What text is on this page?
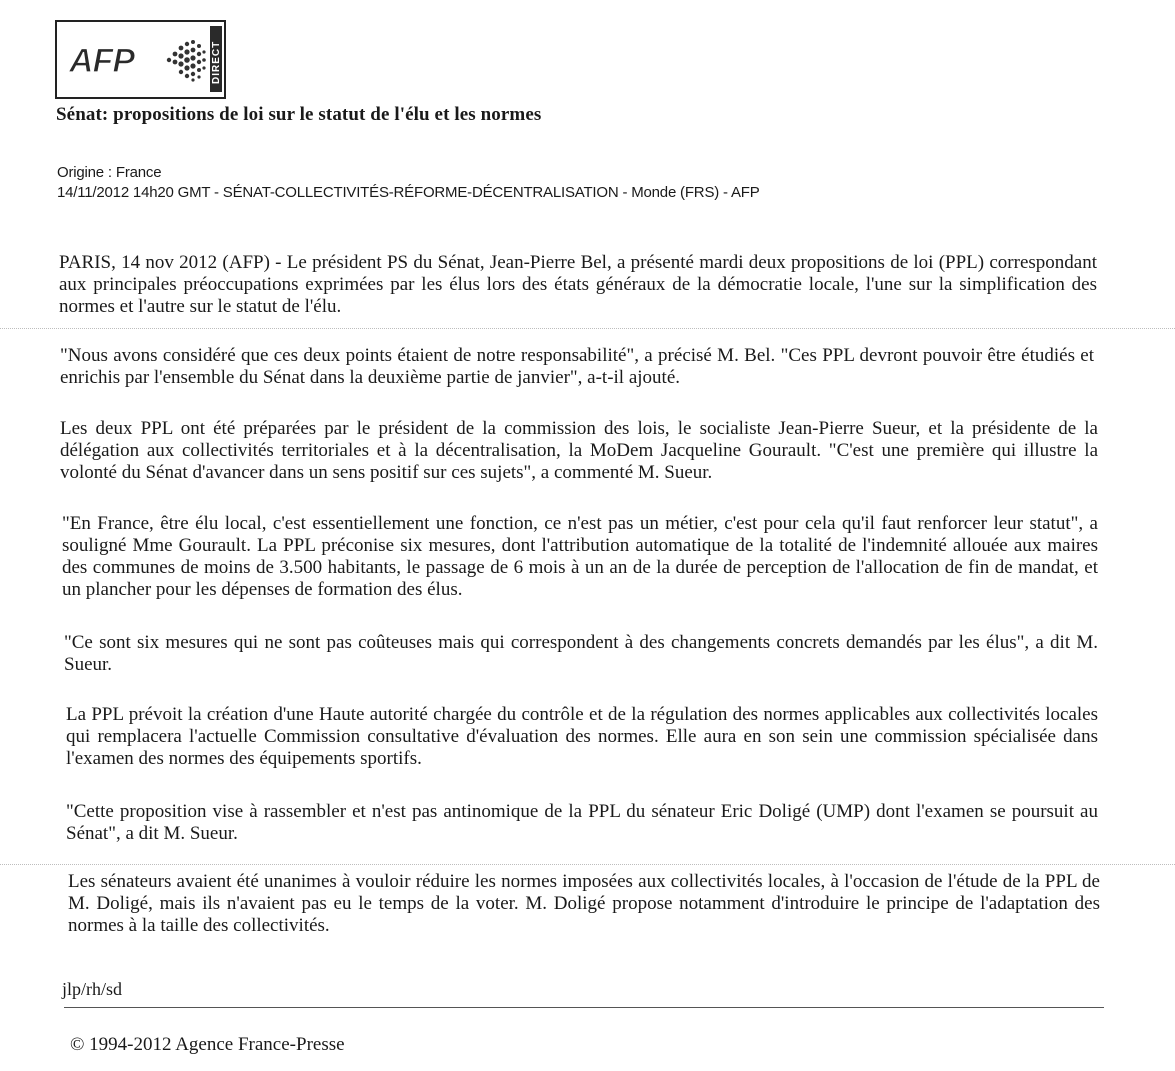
AFP	DIRECT
Sénat: propositions de loi sur le statut de l'élu et les normes
Origine : France
14/11/2012 14h20 GMT - SÉNAT-COLLECTIVITÉS-RÉFORME-DÉCENTRALISATION - Monde (FRS) - AFP

PARIS, 14 nov 2012 (AFP) - Le président PS du Sénat, Jean-Pierre Bel, a présenté mardi deux propositions de loi (PPL) correspondant aux principales préoccupations exprimées par les élus lors des états généraux de la démocratie locale, l'une sur la simplification des normes et l'autre sur le statut de l'élu.

"Nous avons considéré que ces deux points étaient de notre responsabilité", a précisé M. Bel. "Ces PPL devront pouvoir être étudiés et enrichis par l'ensemble du Sénat dans la deuxième partie de janvier", a-t-il ajouté.

Les deux PPL ont été préparées par le président de la commission des lois, le socialiste Jean-Pierre Sueur, et la présidente de la délégation aux collectivités territoriales et à la décentralisation, la MoDem Jacqueline Gourault. "C'est une première qui illustre la volonté du Sénat d'avancer dans un sens positif sur ces sujets", a commenté M. Sueur.

"En France, être élu local, c'est essentiellement une fonction, ce n'est pas un métier, c'est pour cela qu'il faut renforcer leur statut", a souligné Mme Gourault. La PPL préconise six mesures, dont l'attribution automatique de la totalité de l'indemnité allouée aux maires des communes de moins de 3.500 habitants, le passage de 6 mois à un an de la durée de perception de l'allocation de fin de mandat, et un plancher pour les dépenses de formation des élus.

"Ce sont six mesures qui ne sont pas coûteuses mais qui correspondent à des changements concrets demandés par les élus", a dit M. Sueur.

La PPL prévoit la création d'une Haute autorité chargée du contrôle et de la régulation des normes applicables aux collectivités locales qui remplacera l'actuelle Commission consultative d'évaluation des normes. Elle aura en son sein une commission spécialisée dans l'examen des normes des équipements sportifs.

"Cette proposition vise à rassembler et n'est pas antinomique de la PPL du sénateur Eric Doligé (UMP) dont l'examen se poursuit au Sénat", a dit M. Sueur.

Les sénateurs avaient été unanimes à vouloir réduire les normes imposées aux collectivités locales, à l'occasion de l'étude de la PPL de M. Doligé, mais ils n'avaient pas eu le temps de la voter. M. Doligé propose notamment d'introduire le principe de l'adaptation des normes à la taille des collectivités.

jlp/rh/sd
© 1994-2012 Agence France-Presse
